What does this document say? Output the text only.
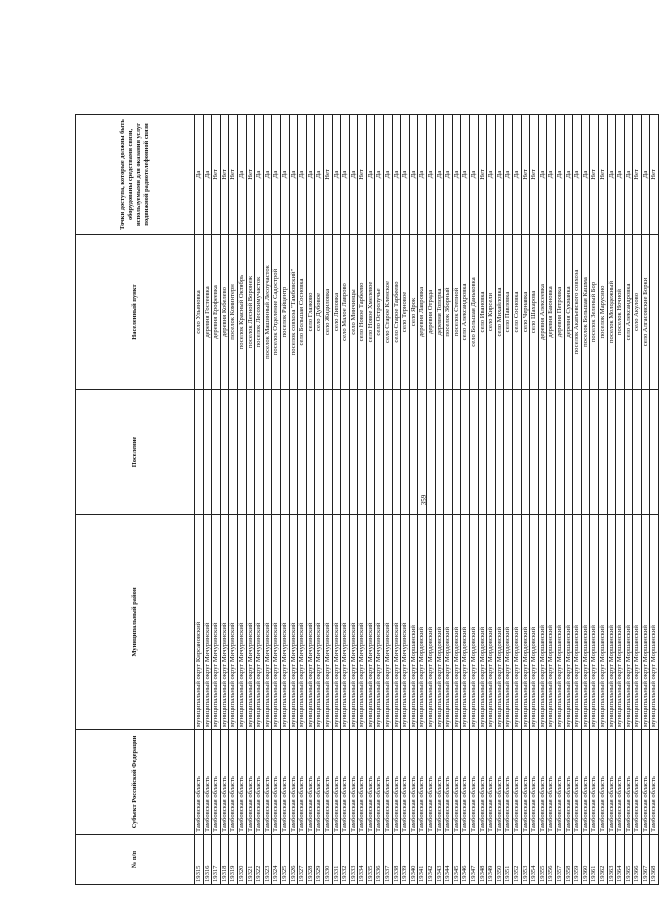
359
№ п/п	Субъект Российской Федерации	Муниципальный район	Поселение	Населенный пункт	Точки доступа, которые должны быть оборудованы средствами связи, используемыми для оказания услуг подвижной радиотелефонной связи
19315	Тамбовская область	муниципальный округ Кирсановский		село Ульяновка	Да
19316	Тамбовская область	муниципальный округ Мичуринский		деревня Гостеевка	Да
19317	Тамбовская область	муниципальный округ Мичуринский		деревня Ерофеевка	Нет
19318	Тамбовская область	муниципальный округ Мичуринский		деревня Кобелево	Нет
19319	Тамбовская область	муниципальный округ Мичуринский		поселок Коминтерн	Нет
19320	Тамбовская область	муниципальный округ Мичуринский		поселок Красный Октябрь	Да
19321	Тамбовская область	муниципальный округ Мичуринский		поселок Лесной Воронеж	Нет
19322	Тамбовская область	муниципальный округ Мичуринский		поселок Лесохимучасток	Да
19323	Тамбовская область	муниципальный округ Мичуринский		поселок Машинный Лесоучасток	Да
19324	Тамбовская область	муниципальный округ Мичуринский		поселок Отделение Садострой	Да
19325	Тамбовская область	муниципальный округ Мичуринский		поселок Райцентр	Да
19326	Тамбовская область	муниципальный округ Мичуринский		поселок совхоза "Тамбовский"	Да
19327	Тамбовская область	муниципальный округ Мичуринский		село Большая Сосновка	Да
19328	Тамбовская область	муниципальный округ Мичуринский		село Глазково	Да
19329	Тамбовская область	муниципальный округ Мичуринский		село Дубовое	Да
19330	Тамбовская область	муниципальный округ Мичуринский		село Жидиловка	Нет
19331	Тамбовская область	муниципальный округ Мичуринский		село Липовка	Да
19332	Тамбовская область	муниципальный округ Мичуринский		село Малое Лаврово	Да
19333	Тамбовская область	муниципальный округ Мичуринский		село Минчинцы	Да
19334	Тамбовская область	муниципальный округ Мичуринский		село Новое Тарбеево	Нет
19335	Тамбовская область	муниципальный округ Мичуринский		село Новое Хмелевое	Да
19336	Тамбовская область	муниципальный округ Мичуринский		село Остролучье	Да
19337	Тамбовская область	муниципальный округ Мичуринский		село Старое Кленское	Да
19338	Тамбовская область	муниципальный округ Мичуринский		село Старое Тарбеево	Да
19339	Тамбовская область	муниципальный округ Мичуринский		село Терновое	Да
19340	Тамбовская область	муниципальный округ Моршанский		село Ярок	Да
19341	Тамбовская область	муниципальный округ Мордовский		деревня Лавровка	Да
19342	Тамбовская область	муниципальный округ Мордовский		деревня Отрада	Да
19343	Тамбовская область	муниципальный округ Мордовский		деревня Топорка	Да
19344	Тамбовская область	муниципальный округ Мордовский		поселок Зборный	Да
19345	Тамбовская область	муниципальный округ Мордовский		поселок Степной	Да
19346	Тамбовская область	муниципальный округ Мордовский		село Александровка	Да
19347	Тамбовская область	муниципальный округ Мордовский		село Большая Даньковка	Да
19348	Тамбовская область	муниципальный округ Мордовский		село Ивановка	Нет
19349	Тамбовская область	муниципальный округ Мордовский		село Кирсели	Да
19350	Тамбовская область	муниципальный округ Мордовский		село Михайловка	Да
19351	Тамбовская область	муниципальный округ Мордовский		село Павловка	Да
19352	Тамбовская область	муниципальный округ Мордовский		село Сосновка	Да
19353	Тамбовская область	муниципальный округ Мордовский		село Чернавка	Нет
19354	Тамбовская область	муниципальный округ Мордовский		село Шахарова	Нет
19355	Тамбовская область	муниципальный округ Моршанский		деревня Алексеевка	Да
19356	Тамбовская область	муниципальный округ Моршанский		деревня Баюновка	Да
19357	Тамбовская область	муниципальный округ Моршанский		деревня Петровка	Да
19358	Тамбовская область	муниципальный округ Моршанский		деревня Сукманка	Да
19359	Тамбовская область	муниципальный округ Моршанский		поселок Акатьевского совхоза	Да
19360	Тамбовская область	муниципальный округ Моршанский		поселок Большая Кашма	Да
19361	Тамбовская область	муниципальный округ Моршанский		поселок Зеленый Бор	Нет
19362	Тамбовская область	муниципальный округ Моршанский		поселок Марусино	Нет
19363	Тамбовская область	муниципальный округ Моршанский		поселок Молодежный	Да
19364	Тамбовская область	муниципальный округ Моршанский		поселок Ночной	Да
19365	Тамбовская область	муниципальный округ Моршанский		село Александровка	Да
19366	Тамбовская область	муниципальный округ Моршанский		село Акулово	Нет
19367	Тамбовская область	муниципальный округ Моршанский		село Алгасовские Борки	Да
19368	Тамбовская область	муниципальный округ Моршанский			Нет
